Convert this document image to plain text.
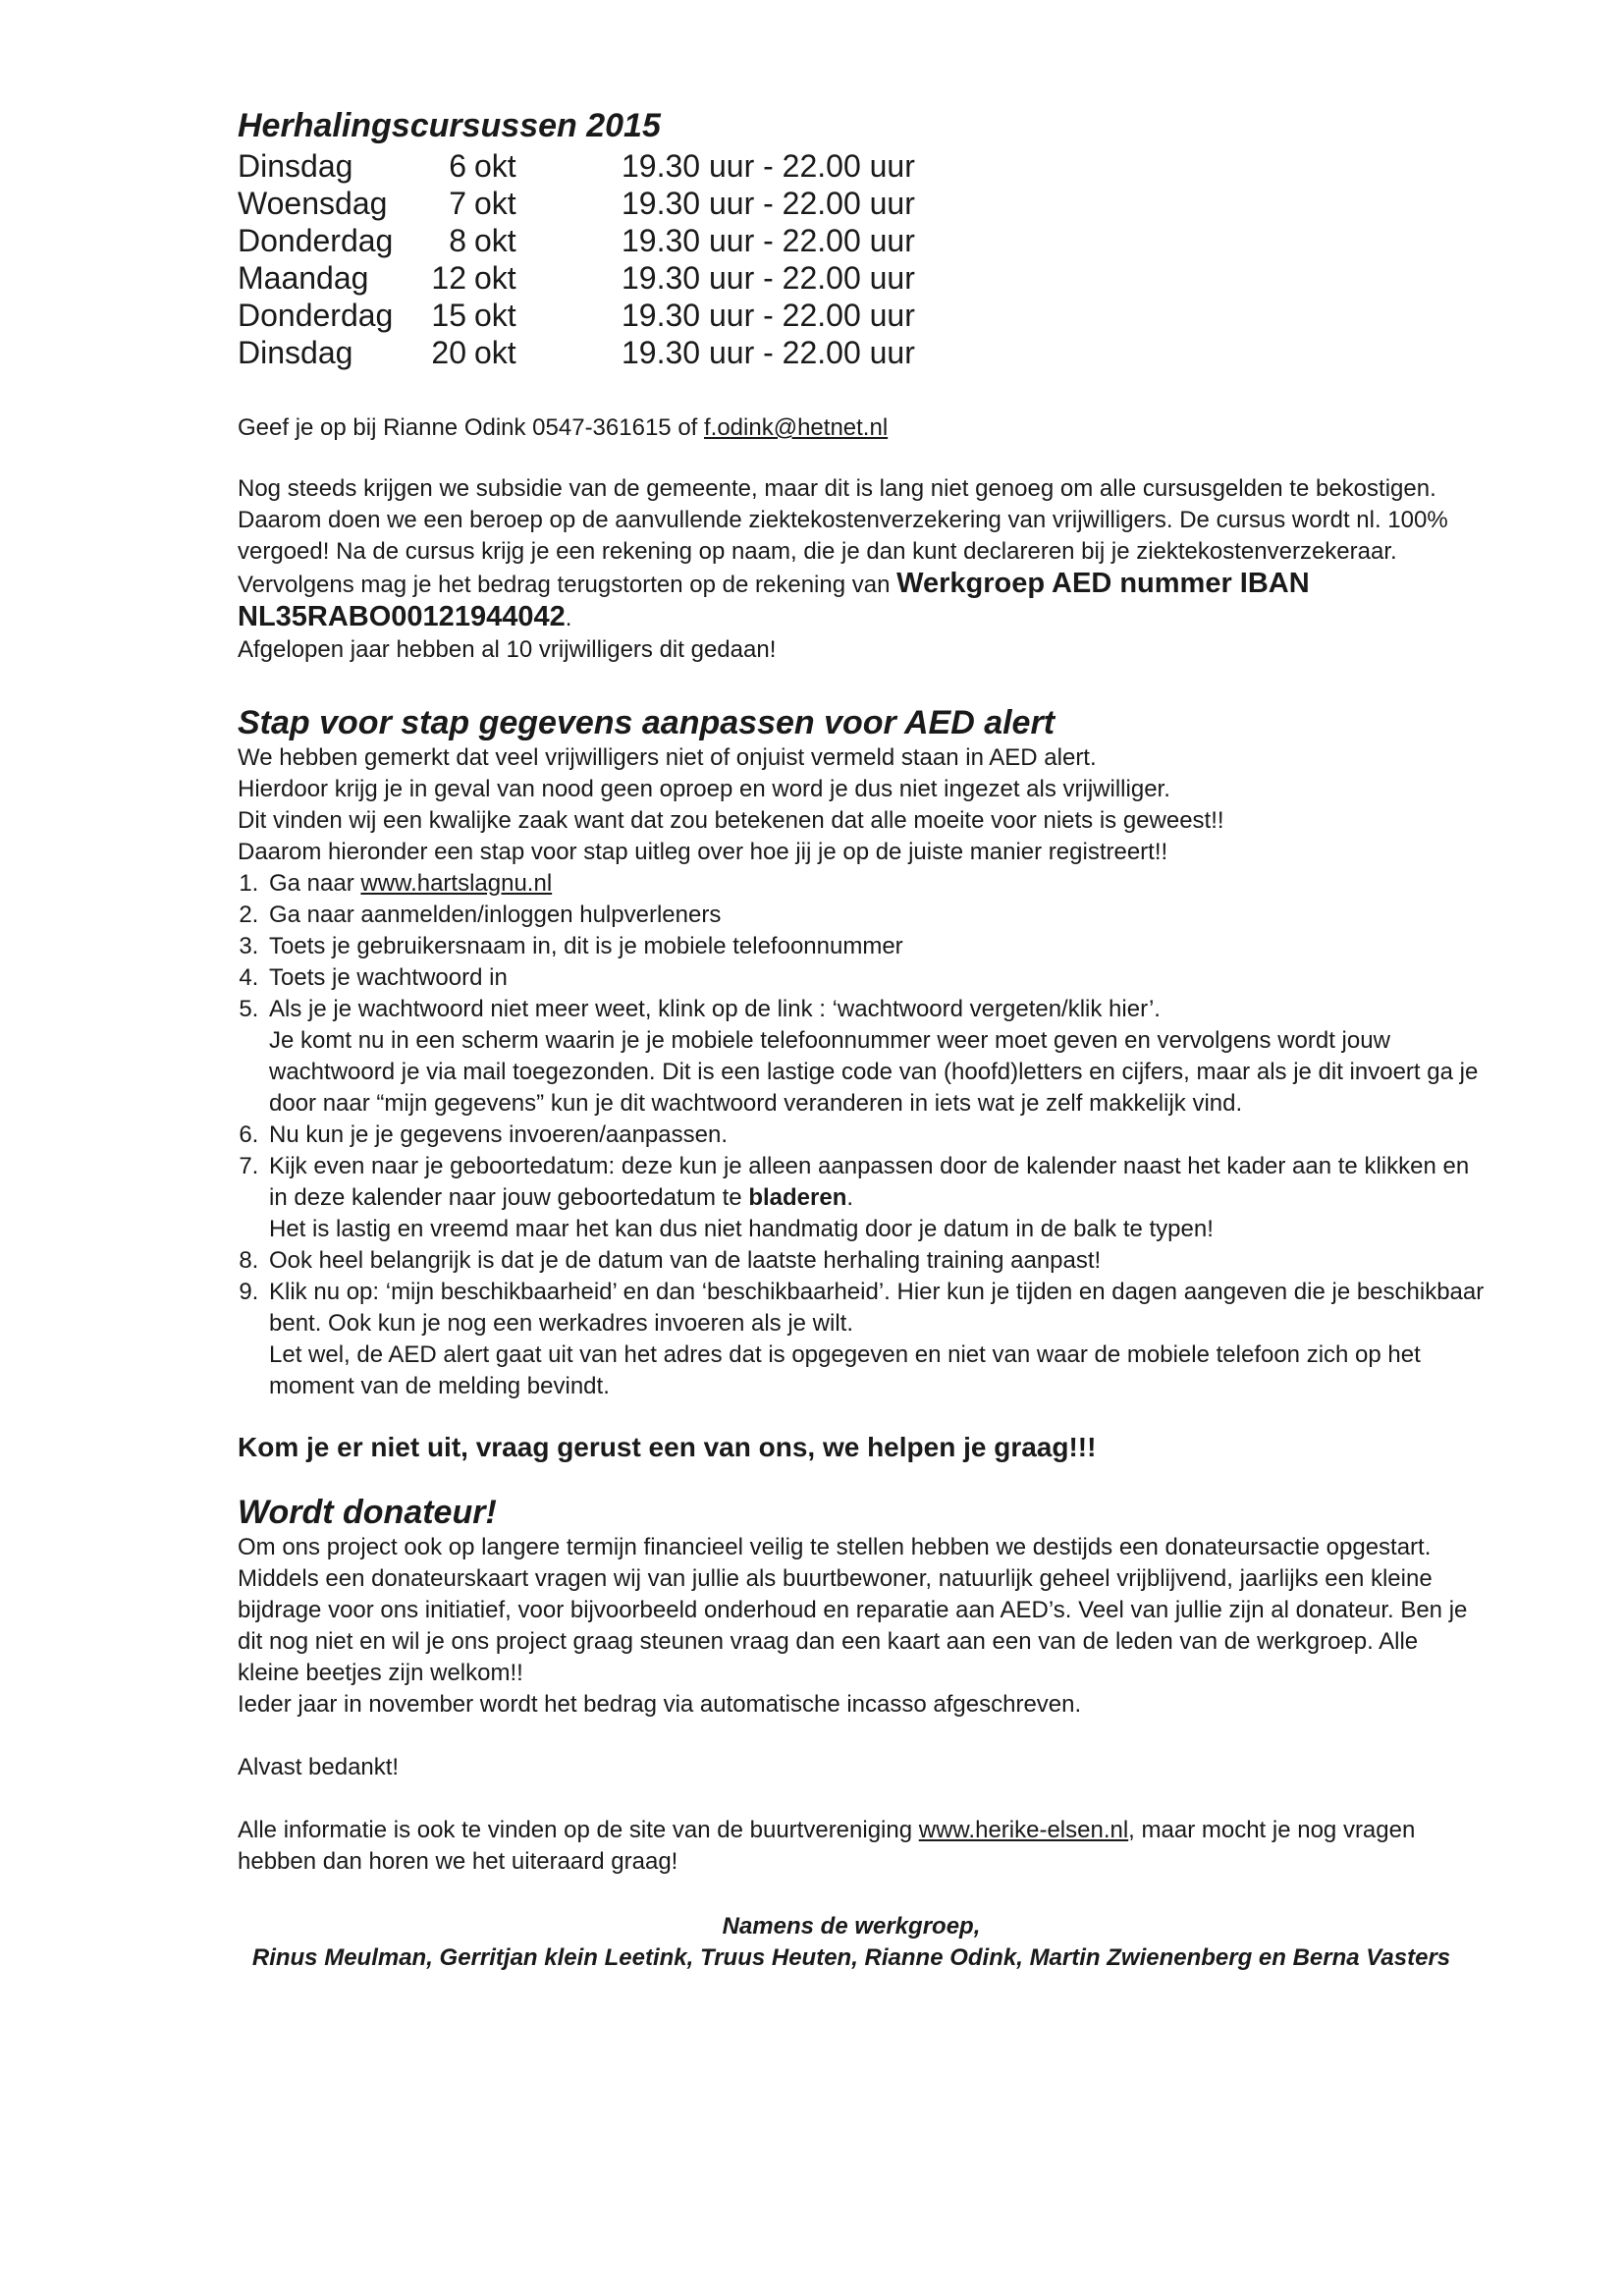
Herhalingscursussen 2015
Dinsdag	6	okt	19.30 uur - 22.00 uur
Woensdag	7	okt	19.30 uur - 22.00 uur
Donderdag	8	okt	19.30 uur - 22.00 uur
Maandag	12	okt	19.30 uur - 22.00 uur
Donderdag	15	okt	19.30 uur - 22.00 uur
Dinsdag	20	okt	19.30 uur - 22.00 uur

Geef je op bij Rianne Odink 0547-361615 of f.odink@hetnet.nl

Nog steeds krijgen we subsidie van de gemeente, maar dit is lang niet genoeg om alle cursusgelden te bekostigen. Daarom doen we een beroep op de aanvullende ziektekostenverzekering van vrijwilligers. De cursus wordt nl. 100% vergoed! Na de cursus krijg je een rekening op naam, die je dan kunt declareren bij je ziektekostenverzekeraar. Vervolgens mag je het bedrag terugstorten op de rekening van Werkgroep AED nummer IBAN NL35RABO00121944042.
Afgelopen jaar hebben al 10 vrijwilligers dit gedaan!

Stap voor stap gegevens aanpassen voor AED alert

We hebben gemerkt dat veel vrijwilligers niet of onjuist vermeld staan in AED alert.
Hierdoor krijg je in geval van nood geen oproep en word je dus niet ingezet als vrijwilliger.
Dit vinden wij een kwalijke zaak want dat zou betekenen dat alle moeite voor niets is geweest!!
Daarom hieronder een stap voor stap uitleg over hoe jij je op de juiste manier registreert!!

1. Ga naar www.hartslagnu.nl
2. Ga naar aanmelden/inloggen hulpverleners
3. Toets je gebruikersnaam in, dit is je mobiele telefoonnummer
4. Toets je wachtwoord in
5. Als je je wachtwoord niet meer weet, klink op de link : ‘wachtwoord vergeten/klik hier’.
Je komt nu in een scherm waarin je je mobiele telefoonnummer weer moet geven en vervolgens wordt jouw wachtwoord je via mail toegezonden. Dit is een lastige code van (hoofd)letters en cijfers, maar als je dit invoert ga je door naar “mijn gegevens” kun je dit wachtwoord veranderen in iets wat je zelf makkelijk vind.
6. Nu kun je je gegevens invoeren/aanpassen.
7. Kijk even naar je geboortedatum: deze kun je alleen aanpassen door de kalender naast het kader aan te klikken en in deze kalender naar jouw geboortedatum te bladeren.
Het is lastig en vreemd maar het kan dus niet handmatig door je datum in de balk te typen!
8. Ook heel belangrijk is dat je de datum van de laatste herhaling training aanpast!
9. Klik nu op: ‘mijn beschikbaarheid’ en dan ‘beschikbaarheid’. Hier kun je tijden en dagen aangeven die je beschikbaar bent. Ook kun je nog een werkadres invoeren als je wilt.
Let wel, de AED alert gaat uit van het adres dat is opgegeven en niet van waar de mobiele telefoon zich op het moment van de melding bevindt.

Kom je er niet uit, vraag gerust een van ons, we helpen je graag!!!

Wordt donateur!

Om ons project ook op langere termijn financieel veilig te stellen hebben we destijds een donateursactie opgestart. Middels een donateurskaart vragen wij van jullie als buurtbewoner, natuurlijk geheel vrijblijvend, jaarlijks een kleine bijdrage voor ons initiatief, voor bijvoorbeeld onderhoud en reparatie aan AED’s. Veel van jullie zijn al donateur. Ben je dit nog niet en wil je ons project graag steunen vraag dan een kaart aan een van de leden van de werkgroep. Alle kleine beetjes zijn welkom!!
Ieder jaar in november wordt het bedrag via automatische incasso afgeschreven.

Alvast bedankt!

Alle informatie is ook te vinden op de site van de buurtvereniging www.herike-elsen.nl, maar mocht je nog vragen hebben dan horen we het uiteraard graag!

Namens de werkgroep,
Rinus Meulman, Gerritjan klein Leetink, Truus Heuten, Rianne Odink, Martin Zwienenberg en Berna Vasters
